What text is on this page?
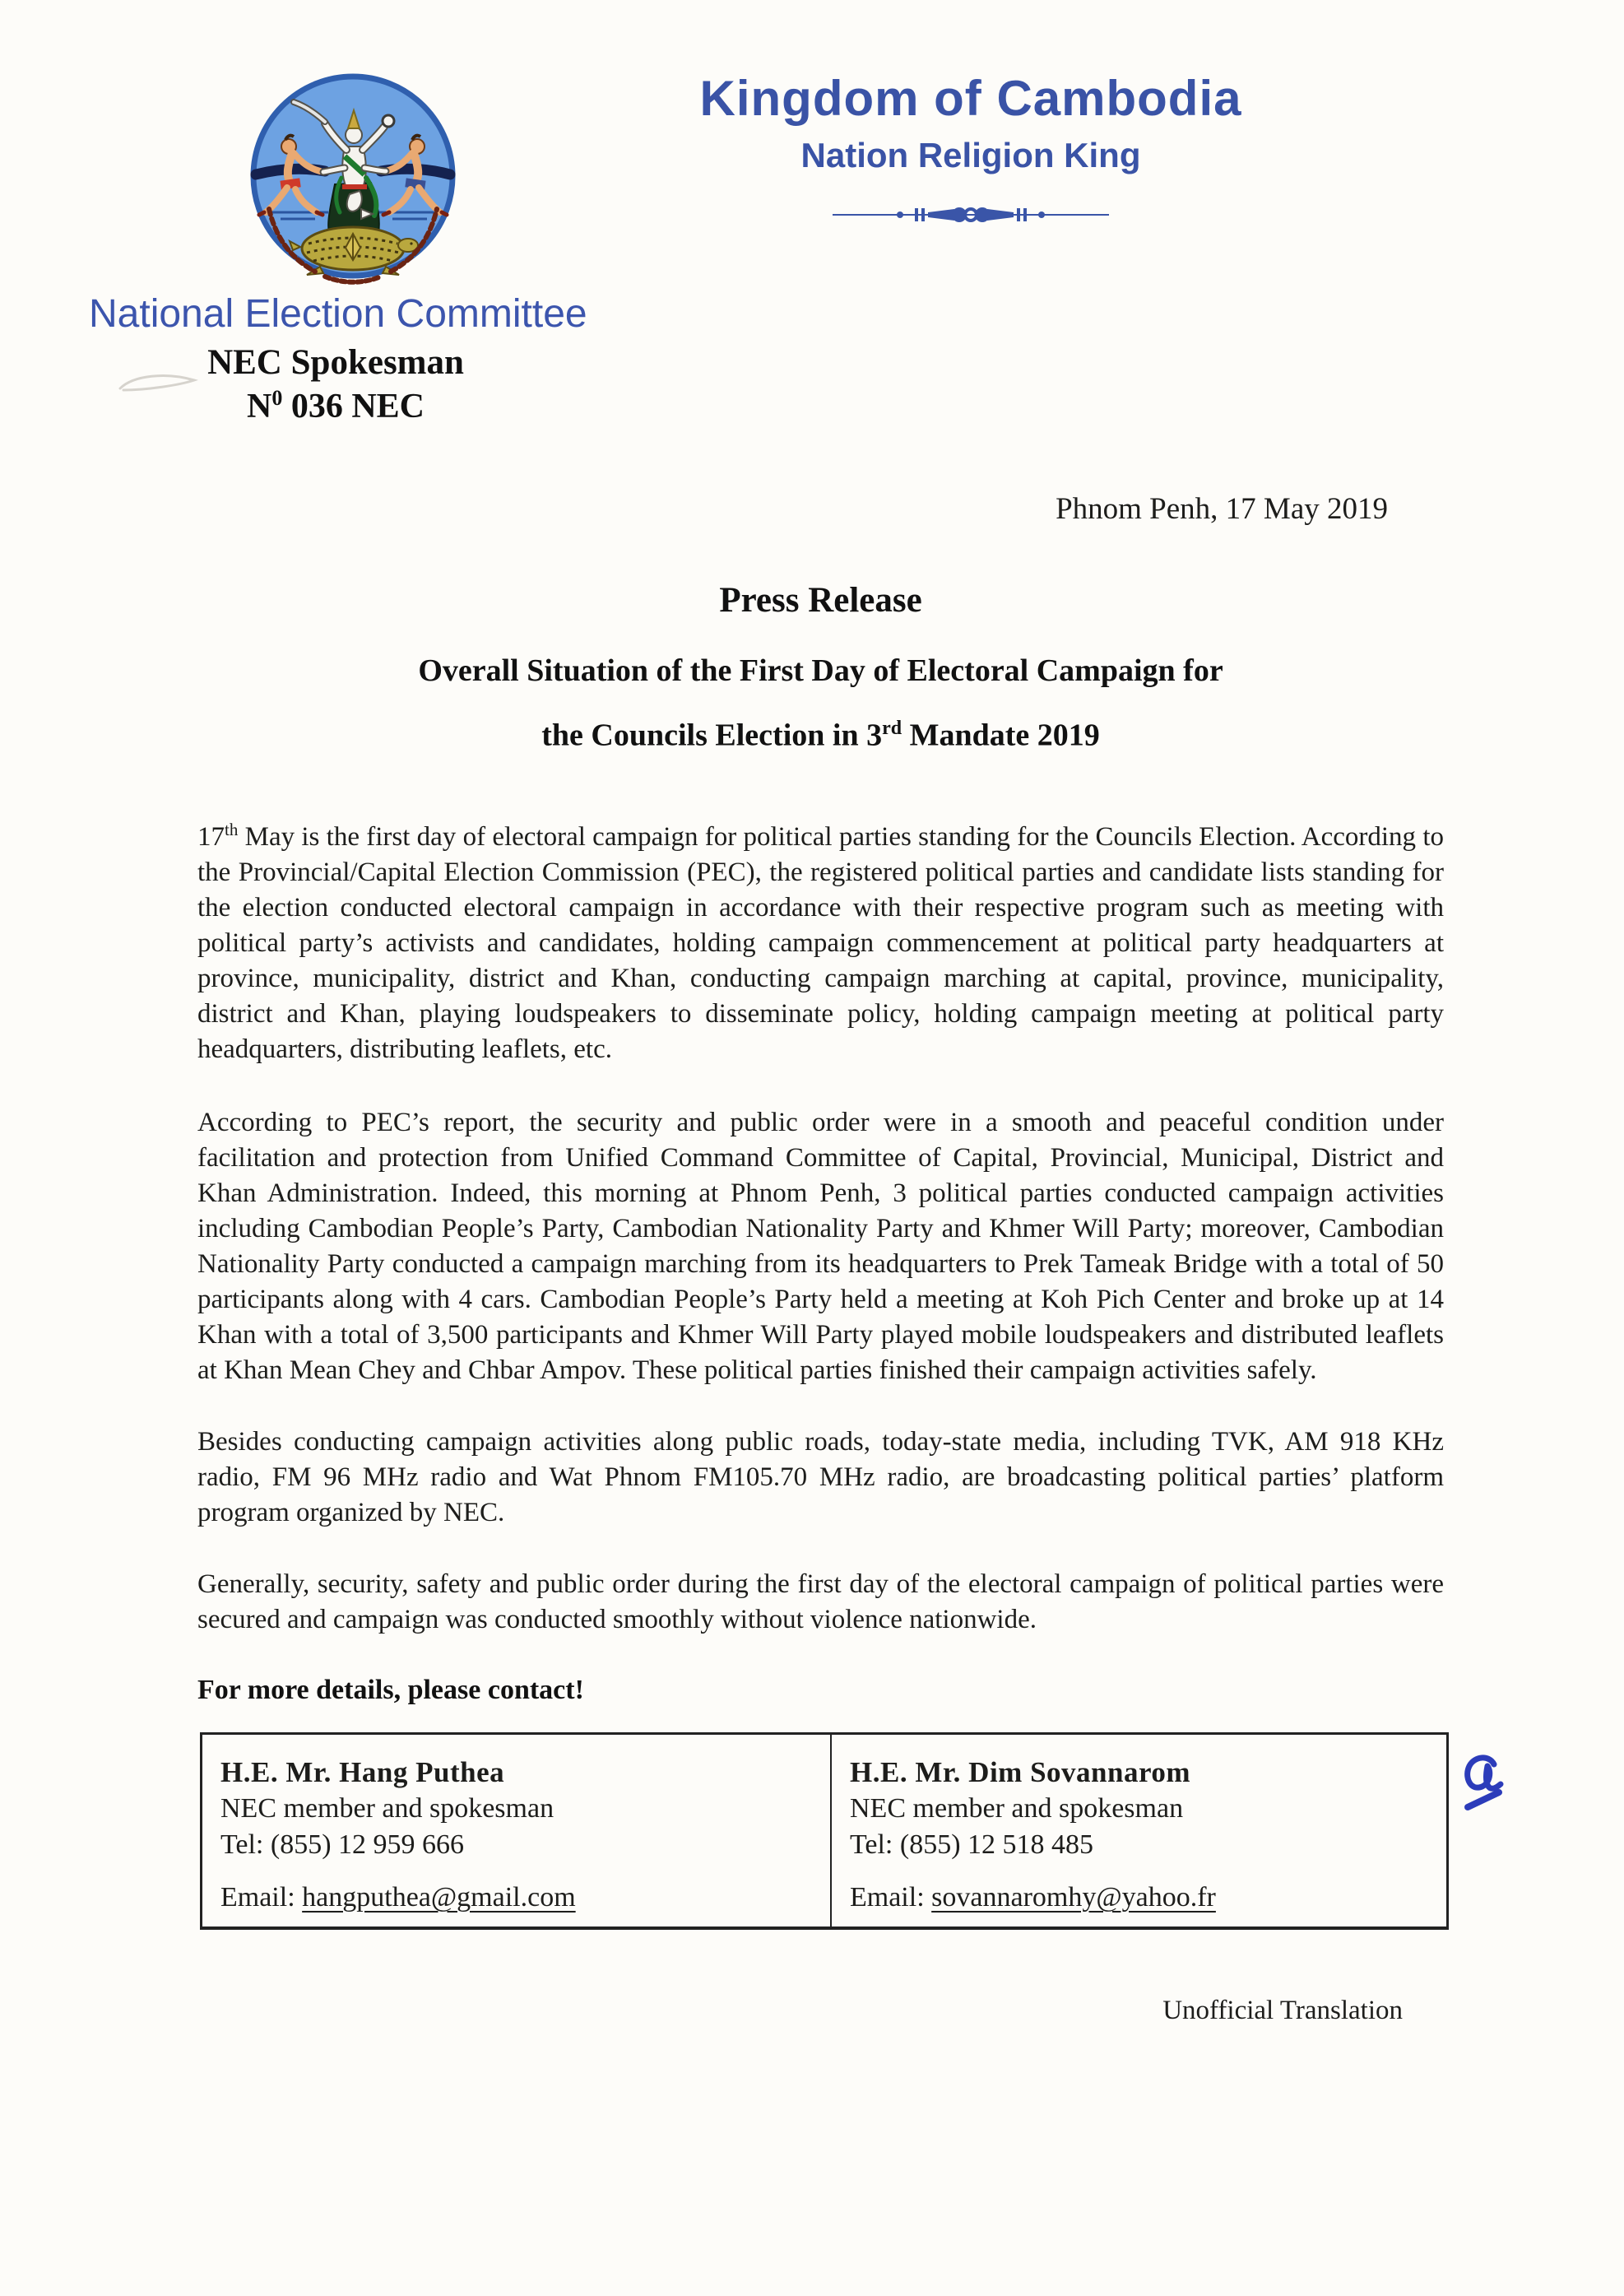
Kingdom of Cambodia
Nation Religion King
National Election Committee
NEC Spokesman
$N^0$ 036 NEC
Phnom Penh, 17 May 2019
Press Release
Overall Situation of the First Day of Electoral Campaign for
the Councils Election in 3rd Mandate 2019

17th May is the first day of electoral campaign for political parties standing for the Councils Election. According to the Provincial/Capital Election Commission (PEC), the registered political parties and candidate lists standing for the election conducted electoral campaign in accordance with their respective program such as meeting with political party’s activists and candidates, holding campaign commencement at political party headquarters at province, municipality, district and Khan, conducting campaign marching at capital, province, municipality, district and Khan, playing loudspeakers to disseminate policy, holding campaign meeting at political party headquarters, distributing leaflets, etc.

According to PEC’s report, the security and public order were in a smooth and peaceful condition under facilitation and protection from Unified Command Committee of Capital, Provincial, Municipal, District and Khan Administration. Indeed, this morning at Phnom Penh, 3 political parties conducted campaign activities including Cambodian People’s Party, Cambodian Nationality Party and Khmer Will Party; moreover, Cambodian Nationality Party conducted a campaign marching from its headquarters to Prek Tameak Bridge with a total of 50 participants along with 4 cars. Cambodian People’s Party held a meeting at Koh Pich Center and broke up at 14 Khan with a total of 3,500 participants and Khmer Will Party played mobile loudspeakers and distributed leaflets at Khan Mean Chey and Chbar Ampov. These political parties finished their campaign activities safely.

Besides conducting campaign activities along public roads, today-state media, including TVK, AM 918 KHz radio, FM 96 MHz radio and Wat Phnom FM105.70 MHz radio, are broadcasting political parties’ platform program organized by NEC.

Generally, security, safety and public order during the first day of the electoral campaign of political parties were secured and campaign was conducted smoothly without violence nationwide.

For more details, please contact!
H.E. Mr. Hang Puthea
NEC member and spokesman
Tel: (855) 12 959 666
Email: hangputhea@gmail.com
H.E. Mr. Dim Sovannarom
NEC member and spokesman
Tel: (855) 12 518 485
Email: sovannaromhy@yahoo.fr
Unofficial Translation
